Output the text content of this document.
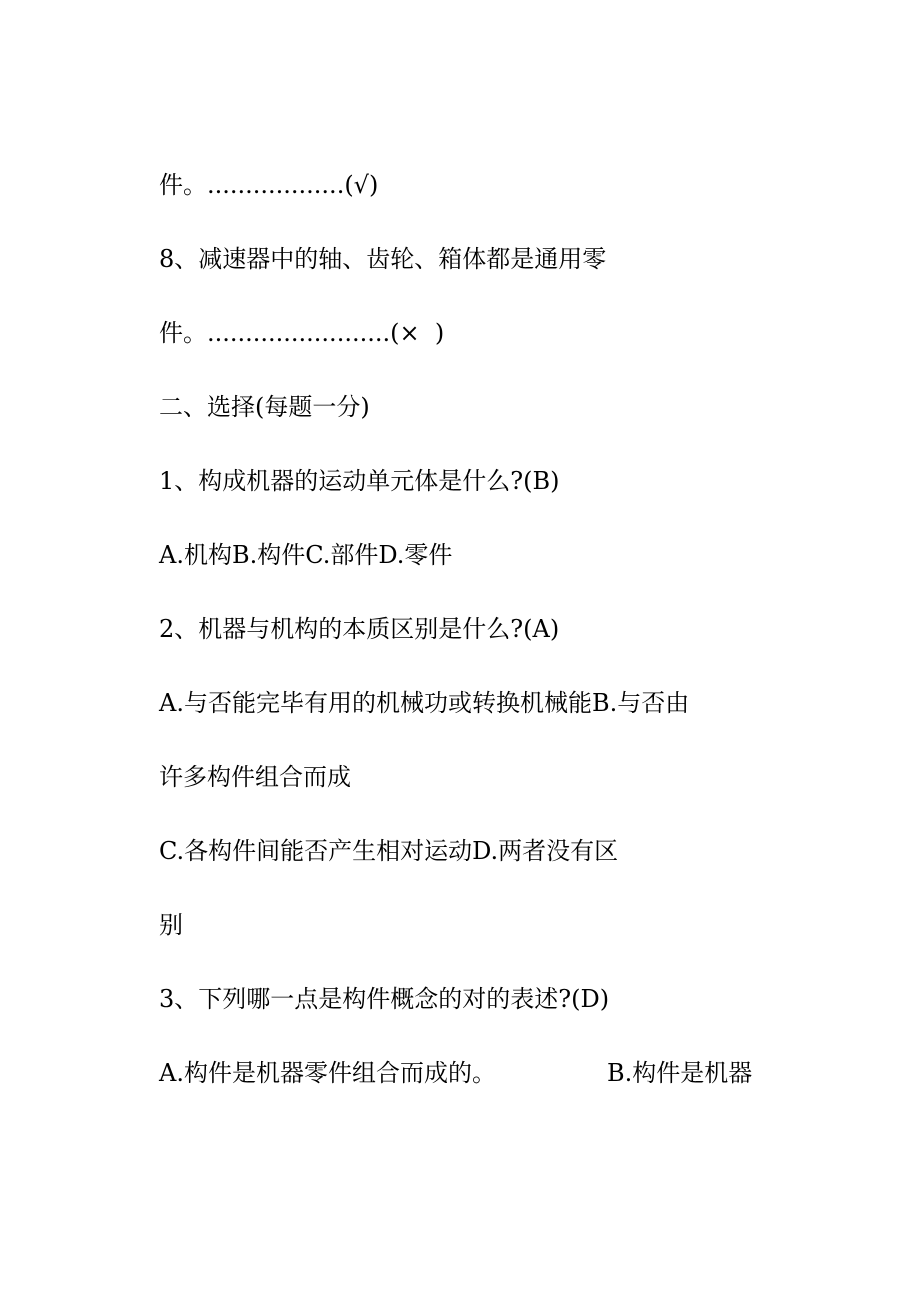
件。..................(√)
8、减速器中的轴、齿轮、箱体都是通用零
件。........................(×  )
二、选择(每题一分)
1、构成机器的运动单元体是什么?(B)
A.机构B.构件C.部件D.零件
2、机器与机构的本质区别是什么?(A)
A.与否能完毕有用的机械功或转换机械能B.与否由
许多构件组合而成
C.各构件间能否产生相对运动D.两者没有区
别
3、下列哪一点是构件概念的对的表述?(D)
A.构件是机器零件组合而成的。	B.构件是机器
